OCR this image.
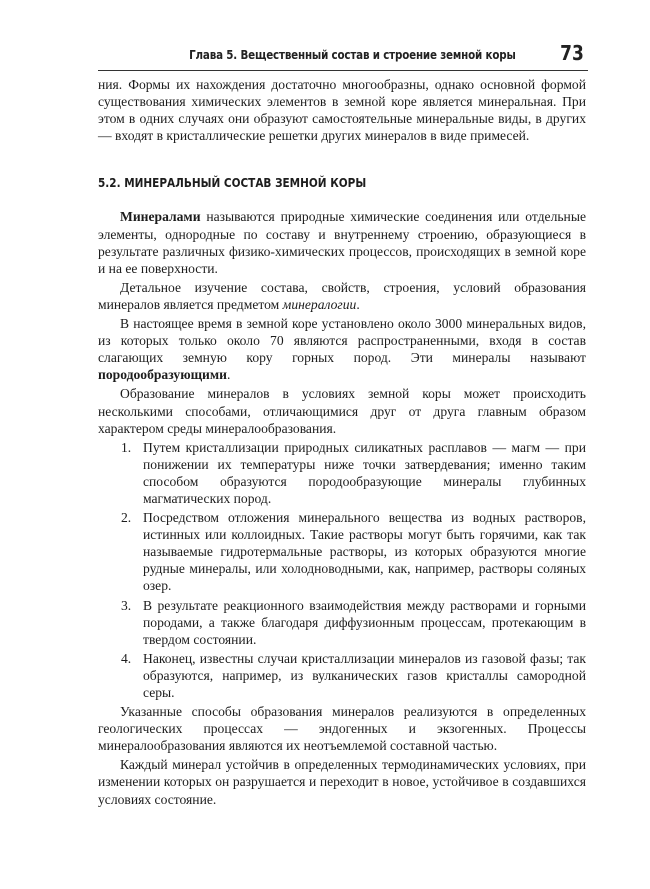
Глава 5. Вещественный состав и строение земной коры 73

ния. Формы их нахождения достаточно многообразны, однако основной формой существования химических элементов в земной коре является минеральная. При этом в одних случаях они образуют самостоятельные минеральные виды, в других — входят в кристаллические решетки других минералов в виде примесей.

5.2. МИНЕРАЛЬНЫЙ СОСТАВ ЗЕМНОЙ КОРЫ

Минералами называются природные химические соединения или отдельные элементы, однородные по составу и внутреннему строению, образующиеся в результате различных физико-химических процессов, происходящих в земной коре и на ее поверхности.

Детальное изучение состава, свойств, строения, условий образования минералов является предметом минералогии.

В настоящее время в земной коре установлено около 3000 минеральных видов, из которых только около 70 являются распространенными, входя в состав слагающих земную кору горных пород. Эти минералы называют породообразующими.

Образование минералов в условиях земной коры может происходить несколькими способами, отличающимися друг от друга главным образом характером среды минералообразования.

1. Путем кристаллизации природных силикатных расплавов — магм — при понижении их температуры ниже точки затвердевания; именно таким способом образуются породообразующие минералы глубинных магматических пород.
2. Посредством отложения минерального вещества из водных растворов, истинных или коллоидных. Такие растворы могут быть горячими, как так называемые гидротермальные растворы, из которых образуются многие рудные минералы, или холодноводными, как, например, растворы соляных озер.
3. В результате реакционного взаимодействия между растворами и горными породами, а также благодаря диффузионным процессам, протекающим в твердом состоянии.
4. Наконец, известны случаи кристаллизации минералов из газовой фазы; так образуются, например, из вулканических газов кристаллы самородной серы.

Указанные способы образования минералов реализуются в определенных геологических процессах — эндогенных и экзогенных. Процессы минералообразования являются их неотъемлемой составной частью.

Каждый минерал устойчив в определенных термодинамических условиях, при изменении которых он разрушается и переходит в новое, устойчивое в создавшихся условиях состояние.
